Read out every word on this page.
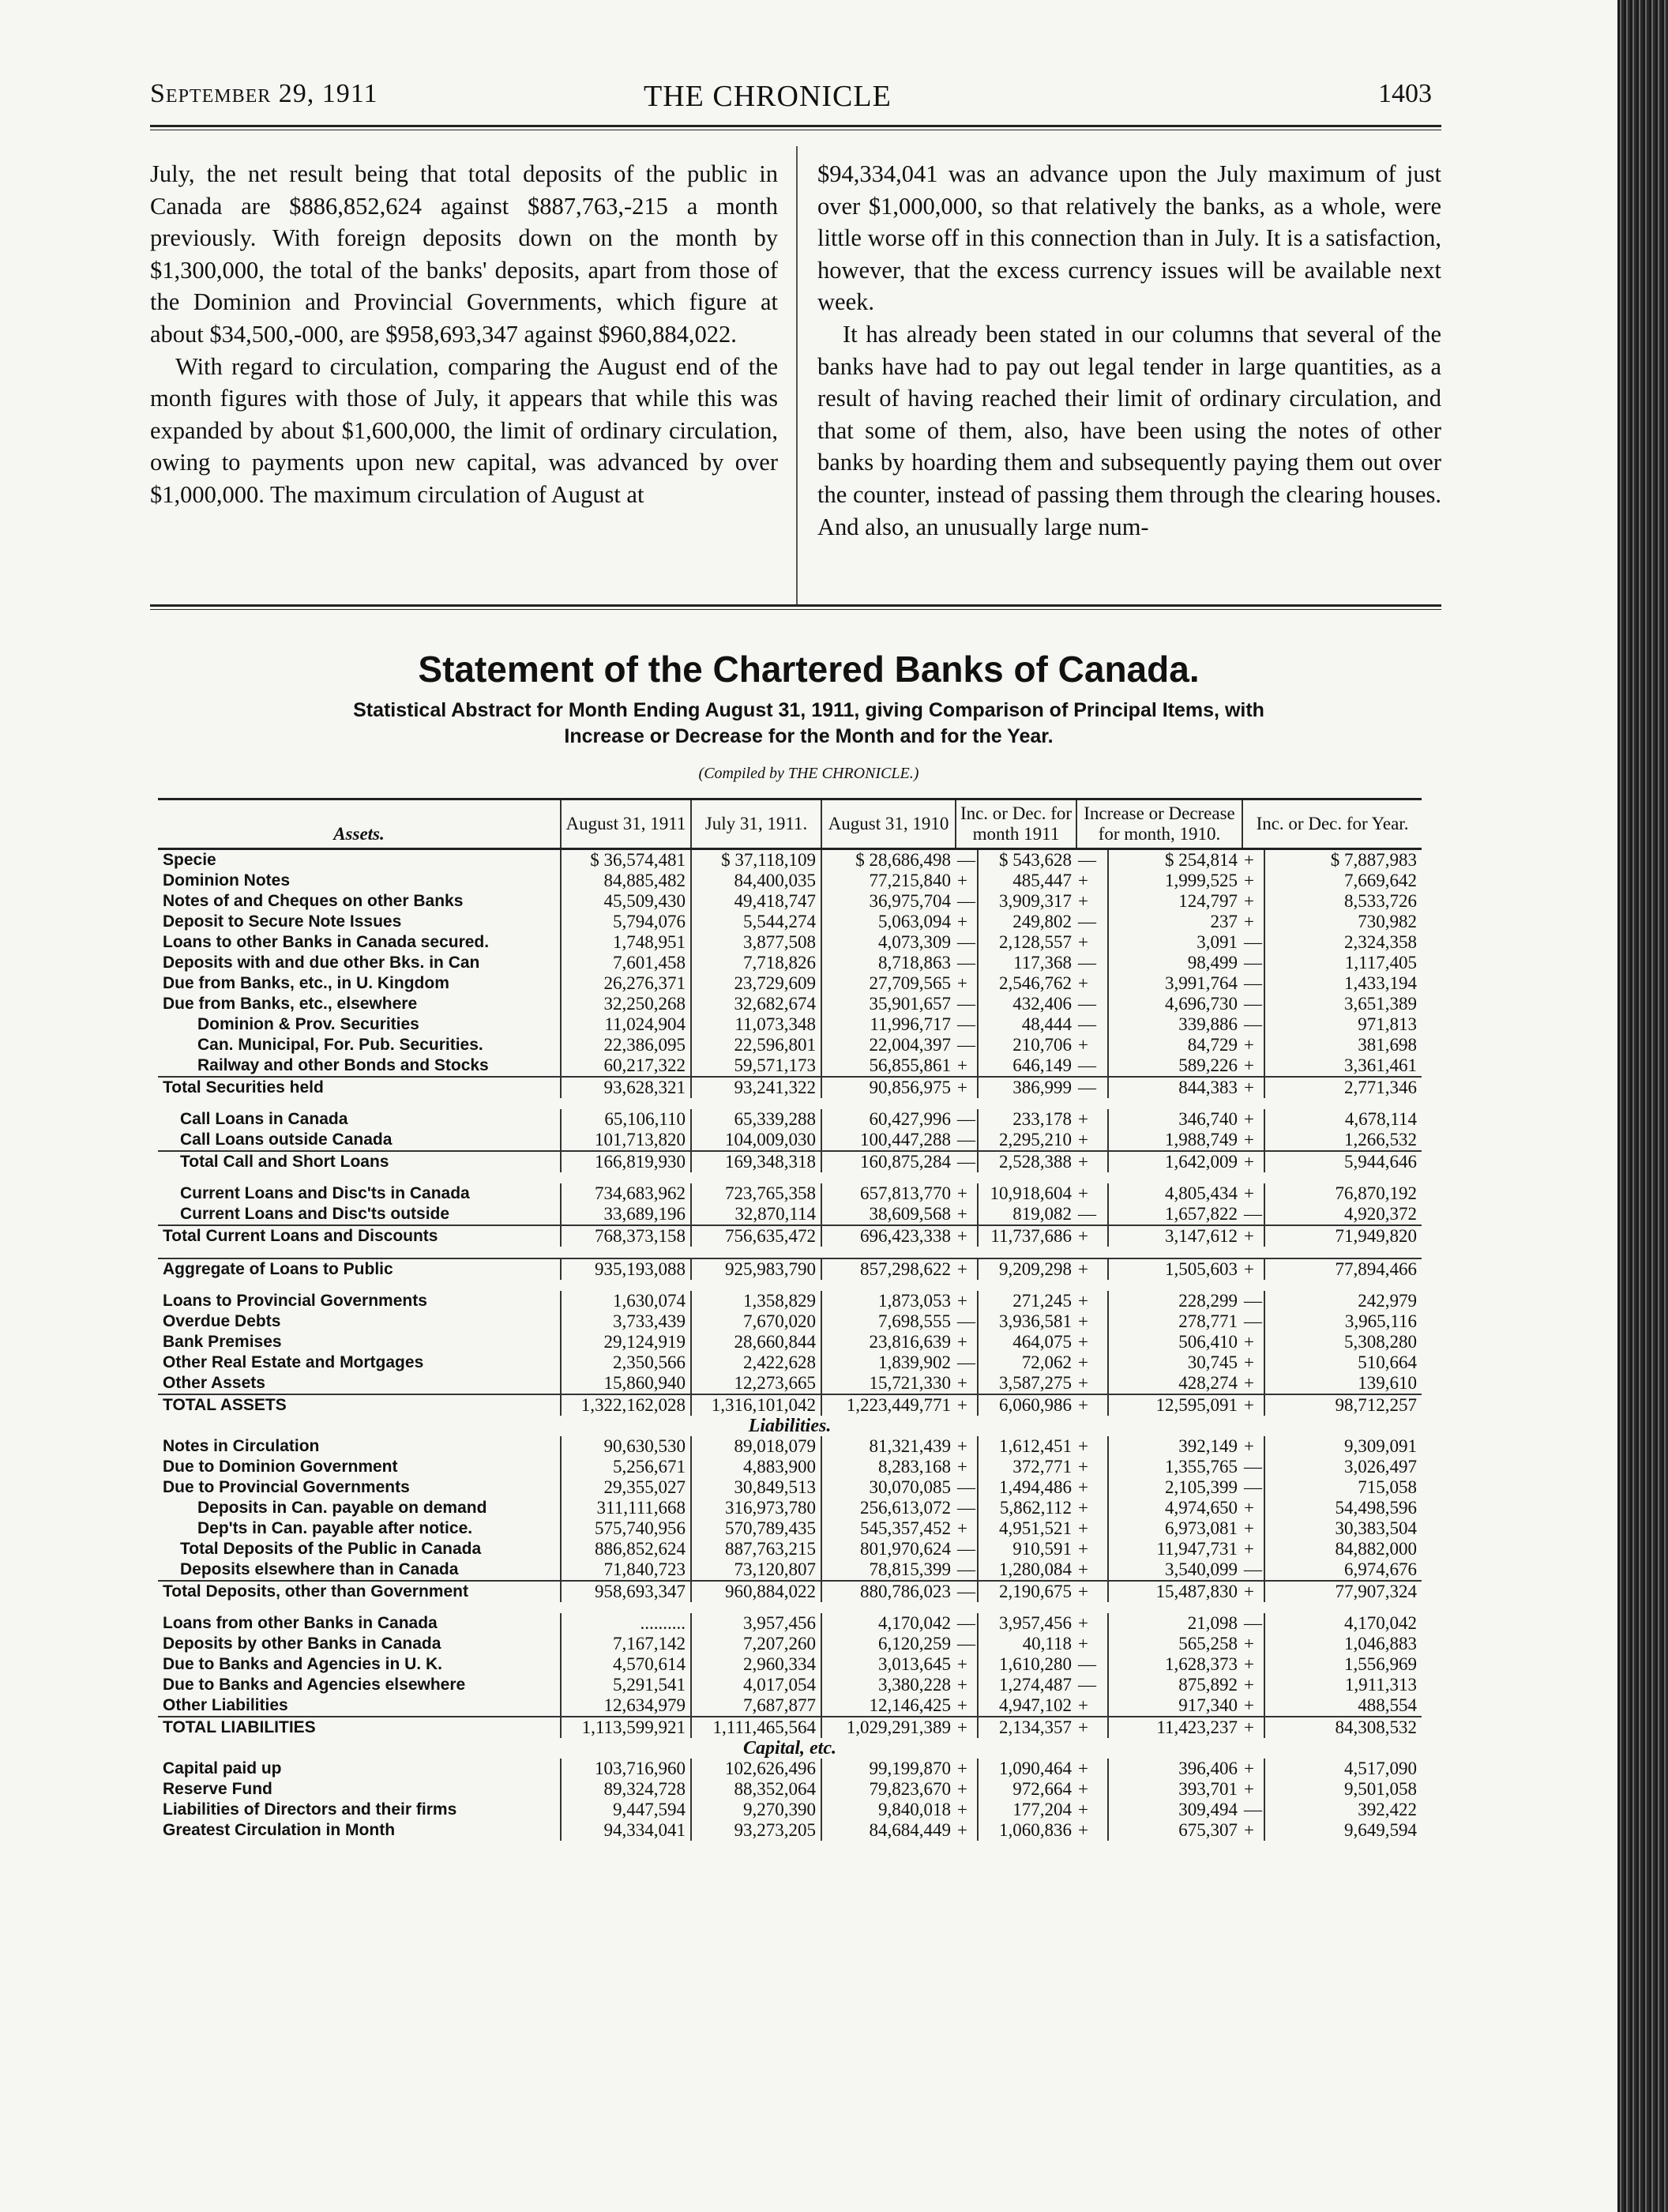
September 29, 1911	THE CHRONICLE	1403

July, the net result being that total deposits of the public in Canada are $886,852,624 against $887,763,-215 a month previously. With foreign deposits down on the month by $1,300,000, the total of the banks' deposits, apart from those of the Dominion and Provincial Governments, which figure at about $34,500,-000, are $958,693,347 against $960,884,022.

With regard to circulation, comparing the August end of the month figures with those of July, it appears that while this was expanded by about $1,600,000, the limit of ordinary circulation, owing to payments upon new capital, was advanced by over $1,000,000. The maximum circulation of August at

$94,334,041 was an advance upon the July maximum of just over $1,000,000, so that relatively the banks, as a whole, were little worse off in this connection than in July. It is a satisfaction, however, that the excess currency issues will be available next week.

It has already been stated in our columns that several of the banks have had to pay out legal tender in large quantities, as a result of having reached their limit of ordinary circulation, and that some of them, also, have been using the notes of other banks by hoarding them and subsequently paying them out over the counter, instead of passing them through the clearing houses. And also, an unusually large num-

Statement of the Chartered Banks of Canada.
Statistical Abstract for Month Ending August 31, 1911, giving Comparison of Principal Items, with
Increase or Decrease for the Month and for the Year.
(Compiled by THE CHRONICLE.)
Assets.	August 31, 1911	July 31, 1911.	August 31, 1910	Inc. or Dec. for month 1911		Increase or Decrease for month, 1910.		Inc. or Dec. for Year.	
Specie	$ 36,574,481	$ 37,118,109	$ 28,686,498	—	$ 543,628	—	$ 254,814	+	$ 7,887,983
Dominion Notes	84,885,482	84,400,035	77,215,840	+	485,447	+	1,999,525	+	7,669,642
Notes of and Cheques on other Banks	45,509,430	49,418,747	36,975,704	—	3,909,317	+	124,797	+	8,533,726
Deposit to Secure Note Issues	5,794,076	5,544,274	5,063,094	+	249,802	—	237	+	730,982
Loans to other Banks in Canada secured.	1,748,951	3,877,508	4,073,309	—	2,128,557	+	3,091	—	2,324,358
Deposits with and due other Bks. in Can	7,601,458	7,718,826	8,718,863	—	117,368	—	98,499	—	1,117,405
Due from Banks, etc., in U. Kingdom	26,276,371	23,729,609	27,709,565	+	2,546,762	+	3,991,764	—	1,433,194
Due from Banks, etc., elsewhere	32,250,268	32,682,674	35,901,657	—	432,406	—	4,696,730	—	3,651,389
Dominion & Prov. Securities	11,024,904	11,073,348	11,996,717	—	48,444	—	339,886	—	971,813
Can. Municipal, For. Pub. Securities.	22,386,095	22,596,801	22,004,397	—	210,706	+	84,729	+	381,698
Railway and other Bonds and Stocks	60,217,322	59,571,173	56,855,861	+	646,149	—	589,226	+	3,361,461
Total Securities held	93,628,321	93,241,322	90,856,975	+	386,999	—	844,383	+	2,771,346

Call Loans in Canada	65,106,110	65,339,288	60,427,996	—	233,178	+	346,740	+	4,678,114
Call Loans outside Canada	101,713,820	104,009,030	100,447,288	—	2,295,210	+	1,988,749	+	1,266,532
Total Call and Short Loans	166,819,930	169,348,318	160,875,284	—	2,528,388	+	1,642,009	+	5,944,646

Current Loans and Disc'ts in Canada	734,683,962	723,765,358	657,813,770	+	10,918,604	+	4,805,434	+	76,870,192
Current Loans and Disc'ts outside	33,689,196	32,870,114	38,609,568	+	819,082	—	1,657,822	—	4,920,372
Total Current Loans and Discounts	768,373,158	756,635,472	696,423,338	+	11,737,686	+	3,147,612	+	71,949,820

Aggregate of Loans to Public	935,193,088	925,983,790	857,298,622	+	9,209,298	+	1,505,603	+	77,894,466

Loans to Provincial Governments	1,630,074	1,358,829	1,873,053	+	271,245	+	228,299	—	242,979
Overdue Debts	3,733,439	7,670,020	7,698,555	—	3,936,581	+	278,771	—	3,965,116
Bank Premises	29,124,919	28,660,844	23,816,639	+	464,075	+	506,410	+	5,308,280
Other Real Estate and Mortgages	2,350,566	2,422,628	1,839,902	—	72,062	+	30,745	+	510,664
Other Assets	15,860,940	12,273,665	15,721,330	+	3,587,275	+	428,274	+	139,610
TOTAL ASSETS	1,322,162,028	1,316,101,042	1,223,449,771	+	6,060,986	+	12,595,091	+	98,712,257
Liabilities.									
Notes in Circulation	90,630,530	89,018,079	81,321,439	+	1,612,451	+	392,149	+	9,309,091
Due to Dominion Government	5,256,671	4,883,900	8,283,168	+	372,771	+	1,355,765	—	3,026,497
Due to Provincial Governments	29,355,027	30,849,513	30,070,085	—	1,494,486	+	2,105,399	—	715,058
Deposits in Can. payable on demand	311,111,668	316,973,780	256,613,072	—	5,862,112	+	4,974,650	+	54,498,596
Dep'ts in Can. payable after notice.	575,740,956	570,789,435	545,357,452	+	4,951,521	+	6,973,081	+	30,383,504
Total Deposits of the Public in Canada	886,852,624	887,763,215	801,970,624	—	910,591	+	11,947,731	+	84,882,000
Deposits elsewhere than in Canada	71,840,723	73,120,807	78,815,399	—	1,280,084	+	3,540,099	—	6,974,676
Total Deposits, other than Government	958,693,347	960,884,022	880,786,023	—	2,190,675	+	15,487,830	+	77,907,324

Loans from other Banks in Canada	..........	3,957,456	4,170,042	—	3,957,456	+	21,098	—	4,170,042
Deposits by other Banks in Canada	7,167,142	7,207,260	6,120,259	—	40,118	+	565,258	+	1,046,883
Due to Banks and Agencies in U. K.	4,570,614	2,960,334	3,013,645	+	1,610,280	—	1,628,373	+	1,556,969
Due to Banks and Agencies elsewhere	5,291,541	4,017,054	3,380,228	+	1,274,487	—	875,892	+	1,911,313
Other Liabilities	12,634,979	7,687,877	12,146,425	+	4,947,102	+	917,340	+	488,554
TOTAL LIABILITIES	1,113,599,921	1,111,465,564	1,029,291,389	+	2,134,357	+	11,423,237	+	84,308,532
Capital, etc.									
Capital paid up	103,716,960	102,626,496	99,199,870	+	1,090,464	+	396,406	+	4,517,090
Reserve Fund	89,324,728	88,352,064	79,823,670	+	972,664	+	393,701	+	9,501,058
Liabilities of Directors and their firms	9,447,594	9,270,390	9,840,018	+	177,204	+	309,494	—	392,422
Greatest Circulation in Month	94,334,041	93,273,205	84,684,449	+	1,060,836	+	675,307	+	9,649,594
